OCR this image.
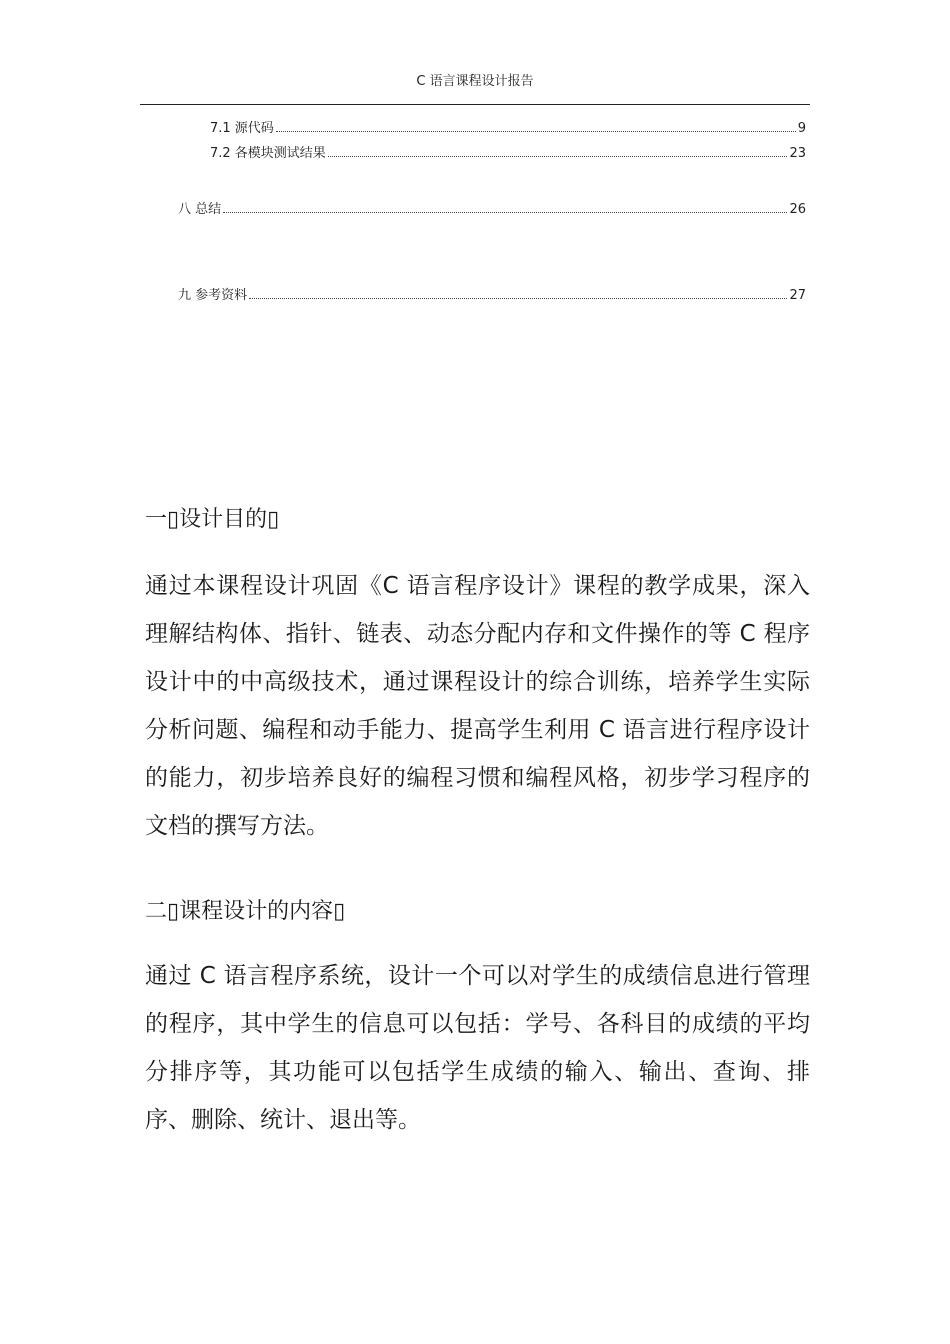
C 语言课程设计报告
7.1 源代码	9
7.2 各模块测试结果	23
八 总结	26
九 参考资料	27
一▯设计目的▯

通过本课程设计巩固《C 语言程序设计》课程的教学成果，深入理解结构体、指针、链表、动态分配内存和文件操作的等 C 程序设计中的中高级技术，通过课程设计的综合训练，培养学生实际分析问题、编程和动手能力、提高学生利用 C 语言进行程序设计的能力，初步培养良好的编程习惯和编程风格，初步学习程序的文档的撰写方法。

二▯课程设计的内容▯

通过 C 语言程序系统，设计一个可以对学生的成绩信息进行管理的程序，其中学生的信息可以包括：学号、各科目的成绩的平均分排序等，其功能可以包括学生成绩的输入、输出、查询、排序、删除、统计、退出等。
